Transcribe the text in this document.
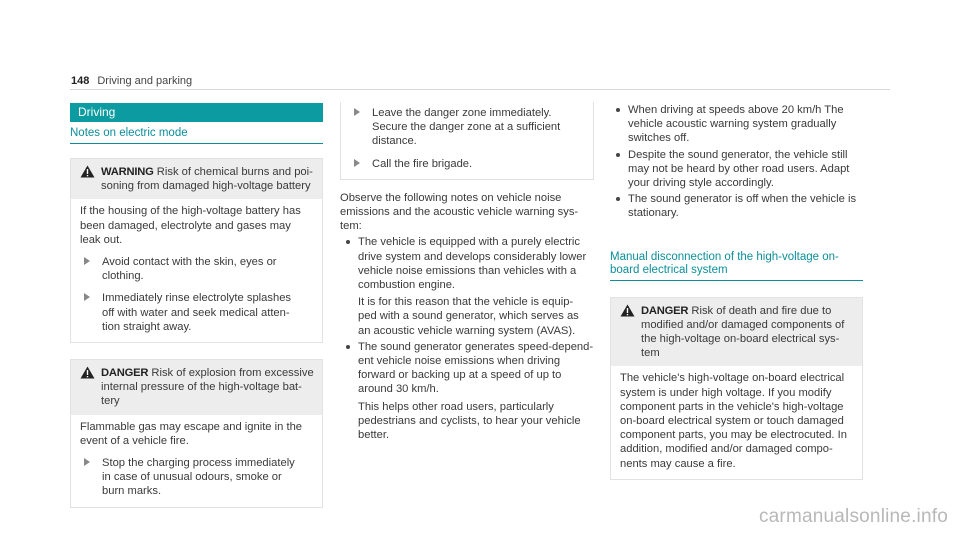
148 Driving and parking
Driving
Notes on electric mode
WARNING Risk of chemical burns and poi-soning from damaged high-voltage battery
If the housing of the high-voltage battery has
been damaged, electrolyte and gases may
leak out.
Avoid contact with the skin, eyes or
clothing.
Immediately rinse electrolyte splashes
off with water and seek medical atten-
tion straight away.
DANGER Risk of explosion from excessive
internal pressure of the high-voltage bat-
tery
Flammable gas may escape and ignite in the
event of a vehicle fire.
Stop the charging process immediately
in case of unusual odours, smoke or
burn marks.
Leave the danger zone immediately.
Secure the danger zone at a sufficient
distance.
Call the fire brigade.
Observe the following notes on vehicle noise
emissions and the acoustic vehicle warning sys-
tem:
The vehicle is equipped with a purely electric
drive system and develops considerably lower
vehicle noise emissions than vehicles with a
combustion engine.
It is for this reason that the vehicle is equip-
ped with a sound generator, which serves as
an acoustic vehicle warning system (AVAS).
The sound generator generates speed-depend-
ent vehicle noise emissions when driving
forward or backing up at a speed of up to
around 30 km/h.
This helps other road users, particularly
pedestrians and cyclists, to hear your vehicle
better.
When driving at speeds above 20 km/h The
vehicle acoustic warning system gradually
switches off.
Despite the sound generator, the vehicle still
may not be heard by other road users. Adapt
your driving style accordingly.
The sound generator is off when the vehicle is
stationary.
Manual disconnection of the high-voltage on-
board electrical system
DANGER Risk of death and fire due to
modified and/or damaged components of
the high-voltage on-board electrical sys-
tem
The vehicle's high-voltage on-board electrical
system is under high voltage. If you modify
component parts in the vehicle's high-voltage
on-board electrical system or touch damaged
component parts, you may be electrocuted. In
addition, modified and/or damaged compo-
nents may cause a fire.
carmanualsonline.info
